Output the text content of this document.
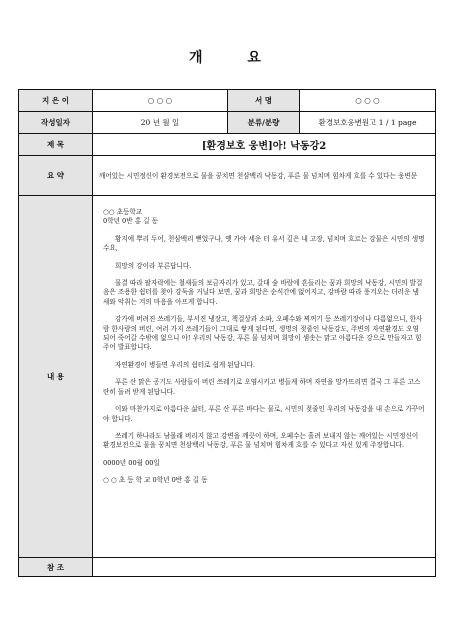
개 요
지 은 이	○ ○ ○	서 명	○ ○ ○
작성일자	20 년 월 일	분류/분량	환경보호웅변원고 1 / 1 page
제 목	[환경보호 웅변]아! 낙동강2
요 약	깨어있는 시민정신이 환경보전으로 물을 꿍치면 천삼백리 낙동강, 푸른 물 넘치며 힘차게 흐를 수 있다는 웅변문
내 용

○○ 초등학교

0학년 0반 홍 길 동

황지에 뿌리 두어, 천삼백리 뻗었구나, 옛 가야 세운 터 유서 깊은 내 고장, 넘치며 흐르는 강물은 시민의 생명수요,

희망의 강이라 부른답니다.

물결 따라 팔자락에는 철새들의 보금자리가 있고, 갈대 숲 바람에 흔들리는 꿈과 희망의 낙동강, 시민의 발걸음은 조용한 쉼터를 찾아 강둑을 거닐다 보면, 꿈과 희망은 순식간에 없어지고, 강바람 따라 풍겨오는 더러운 냄새와 악취는 겨의 마음을 아프게 합니다.

강가에 버려진 쓰레기들, 부서진 냉장고, 책걸상과 소파, 오페수와 찌꺼기 등 쓰레기장이나 다름없으니, 한사람 한사람의 버린, 여러 가지 쓰레기들이 그대로 쌓게 된다면, 생명의 젖줄인 낙동강도, 주변의 자연환경도 오염되어 죽어갈 수밖에 없으니 아! 우리의 낙동강, 푸른 물 넘치며 희망이 샘솟는 맑고 아름다운 강으로 만들자고 힘주어 발표합니다.

자연환경이 병들면 우리의 쉼터로 쉽게 된답니다.

푸른 산 맑은 공기도 사람들이 버린 쓰레기로 오염시키고 병들게 하며 자연을 망가뜨리면 결국 그 푸른 고스란히 돌려 받게 된답니다.

이와 마찬가지로 아름다운 삶터, 푸른 산 푸른 바다는 물로, 시민의 젖줄인 우리의 낙동강을 내 손으로 가꾸어야 합니다.

쓰레기 하나라도 남몰래 버리지 않고 강변을 깨끗이 하며, 오페수는 흘려 보내지 않는 깨어있는 시민정신이 환경보전으로 물을 꿍치면 천삼백리 낙동강, 푸른 물 넘치며 힘차게 흐를 수 있다고 자신 있게 주장합니다.

0000년 00월 00일

○ ○ 초 등 학 교 0학년 0반 홍 길 동

참 조
